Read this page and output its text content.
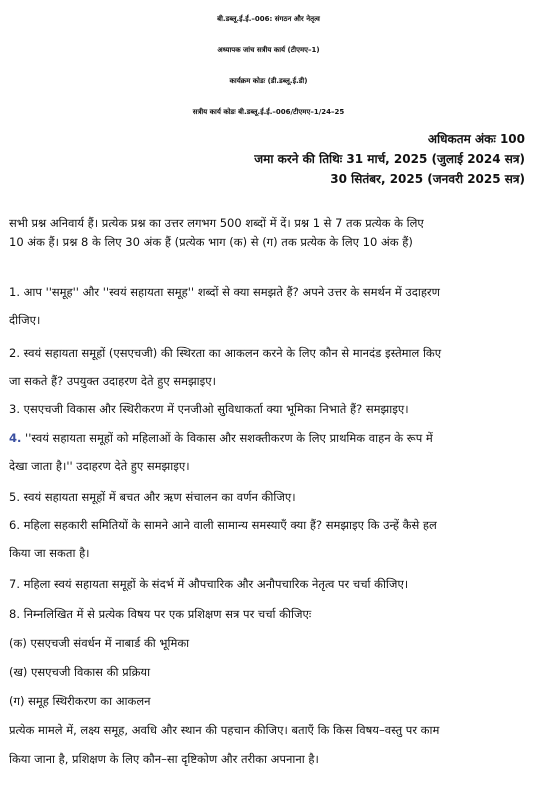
बी.डब्लू.ई.ई.–006: संगठन और नेतृत्व
अध्यापक जांच सत्रीय कार्य (टीएमए–1)
कार्यक्रम कोडः (डी.डब्लू.ई.डी)
सत्रीय कार्य कोडः बी.डब्लू.ई.ई.–006/टीएमए–1/24–25
अधिकतम अंकः 100
जमा करने की तिथिः 31 मार्च, 2025 (जुलाई 2024 सत्र)
30 सितंबर, 2025 (जनवरी 2025 सत्र)
सभी प्रश्न अनिवार्य हैं। प्रत्येक प्रश्न का उत्तर लगभग 500 शब्दों में दें। प्रश्न 1 से 7 तक प्रत्येक के लिए
10 अंक हैं। प्रश्न 8 के लिए 30 अंक हैं (प्रत्येक भाग (क) से (ग) तक प्रत्येक के लिए 10 अंक हैं)
1. आप ''समूह'' और ''स्वयं सहायता समूह'' शब्दों से क्या समझते हैं? अपने उत्तर के समर्थन में उदाहरण
दीजिए।
2. स्वयं सहायता समूहों (एसएचजी) की स्थिरता का आकलन करने के लिए कौन से मानदंड इस्तेमाल किए
जा सकते हैं? उपयुक्त उदाहरण देते हुए समझाइए।
3. एसएचजी विकास और स्थिरीकरण में एनजीओ सुविधाकर्ता क्या भूमिका निभाते हैं? समझाइए।
4. ''स्वयं सहायता समूहों को महिलाओं के विकास और सशक्तीकरण के लिए प्राथमिक वाहन के रूप में
देखा जाता है।'' उदाहरण देते हुए समझाइए।
5. स्वयं सहायता समूहों में बचत और ऋण संचालन का वर्णन कीजिए।
6. महिला सहकारी समितियों के सामने आने वाली सामान्य समस्याएँ क्या हैं? समझाइए कि उन्हें कैसे हल
किया जा सकता है।
7. महिला स्वयं सहायता समूहों के संदर्भ में औपचारिक और अनौपचारिक नेतृत्व पर चर्चा कीजिए।
8. निम्नलिखित में से प्रत्येक विषय पर एक प्रशिक्षण सत्र पर चर्चा कीजिएः
(क) एसएचजी संवर्धन में नाबार्ड की भूमिका
(ख) एसएचजी विकास की प्रक्रिया
(ग) समूह स्थिरीकरण का आकलन
प्रत्येक मामले में, लक्ष्य समूह, अवधि और स्थान की पहचान कीजिए। बताएँ कि किस विषय–वस्तु पर काम
किया जाना है, प्रशिक्षण के लिए कौन–सा दृष्टिकोण और तरीका अपनाना है।
